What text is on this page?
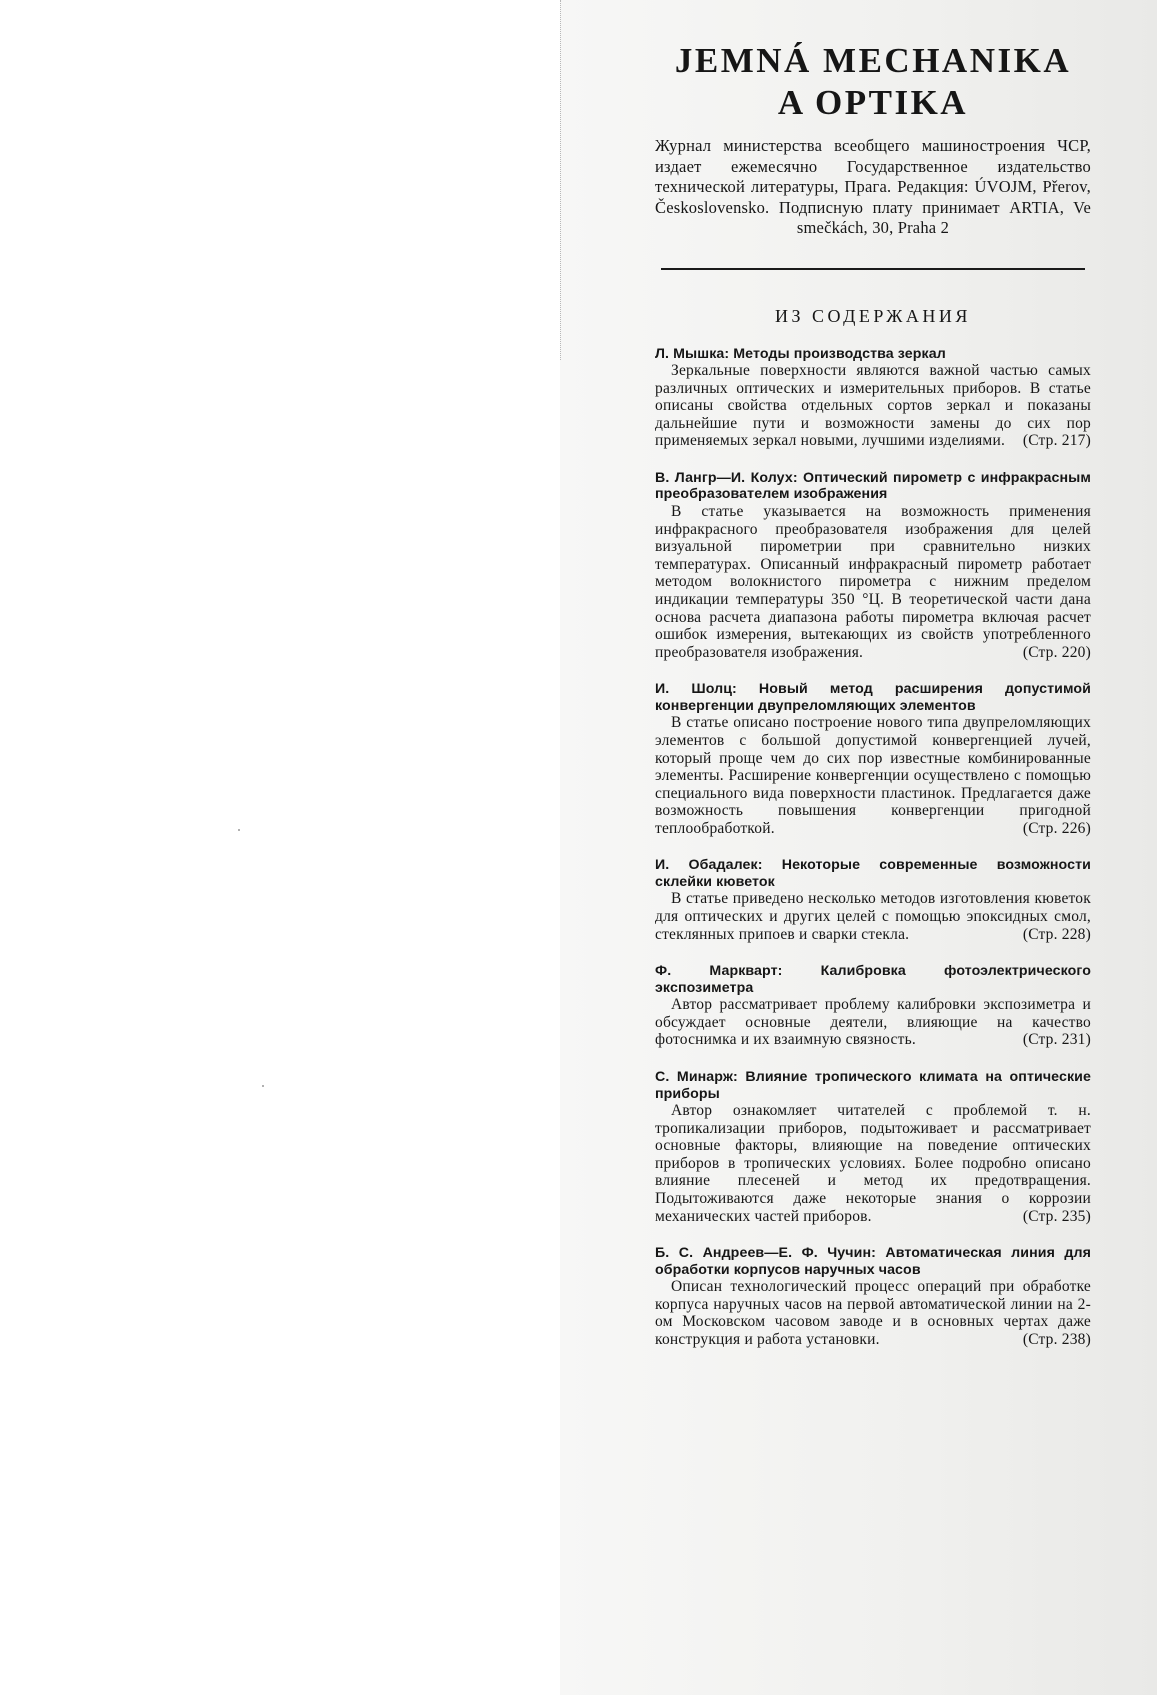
JEMNÁ MECHANIKA
A OPTIKA

Журнал министерства всеобщего машиностроения ЧСР, издает ежемесячно Государственное издательство технической литературы, Прага. Редакция: ÚVOJM, Přerov, Československo. Подписную плату принимает ARTIA, Ve smečkách, 30, Praha 2

ИЗ СОДЕРЖАНИЯ

Л. Мышка: Методы производства зеркал

Зеркальные поверхности являются важной частью самых различных оптических и измерительных приборов. В статье описаны свойства отдельных сортов зеркал и показаны дальнейшие пути и возможности замены до сих пор применяемых зеркал новыми, лучшими изделиями. (Стр. 217)

В. Лангр—И. Колух: Оптический пирометр с инфракрасным преобразователем изображения

В статье указывается на возможность применения инфракрасного преобразователя изображения для целей визуальной пирометрии при сравнительно низких температурах. Описанный инфракрасный пирометр работает методом волокнистого пирометра с нижним пределом индикации температуры 350 °Ц. В теоретической части дана основа расчета диапазона работы пирометра включая расчет ошибок измерения, вытекающих из свойств употребленного преобразователя изображения.	(Стр. 220)

И. Шолц: Новый метод расширения допустимой конвергенции двупреломляющих элементов

В статье описано построение нового типа двупреломляющих элементов с большой допустимой конвергенцией лучей, который проще чем до сих пор известные комбинированные элементы. Расширение конвергенции осуществлено с помощью специального вида поверхности пластинок. Предлагается даже возможность повышения конвергенции пригодной теплообработкой.	(Стр. 226)

И. Обадалек: Некоторые современные возможности склейки кюветок

В статье приведено несколько методов изготовления кюветок для оптических и других целей с помощью эпоксидных смол, стеклянных припоев и сварки стекла.	(Стр. 228)

Ф. Маркварт: Калибровка фотоэлектрического экспозиметра

Автор рассматривает проблему калибровки экспозиметра и обсуждает основные деятели, влияющие на качество фотоснимка и их взаимную связность.	(Стр. 231)

С. Минарж: Влияние тропического климата на оптические приборы

Автор ознакомляет читателей с проблемой т. н. тропикализации приборов, подытоживает и рассматривает основные факторы, влияющие на поведение оптических приборов в тропических условиях. Более подробно описано влияние плесеней и метод их предотвращения. Подытоживаются даже некоторые знания о коррозии механических частей приборов.	(Стр. 235)

Б. С. Андреев—Е. Ф. Чучин: Автоматическая линия для обработки корпусов наручных часов

Описан технологический процесс операций при обработке корпуса наручных часов на первой автоматической линии на 2-ом Московском часовом заводе и в основных чертах даже конструкция и работа установки.	(Стр. 238)
